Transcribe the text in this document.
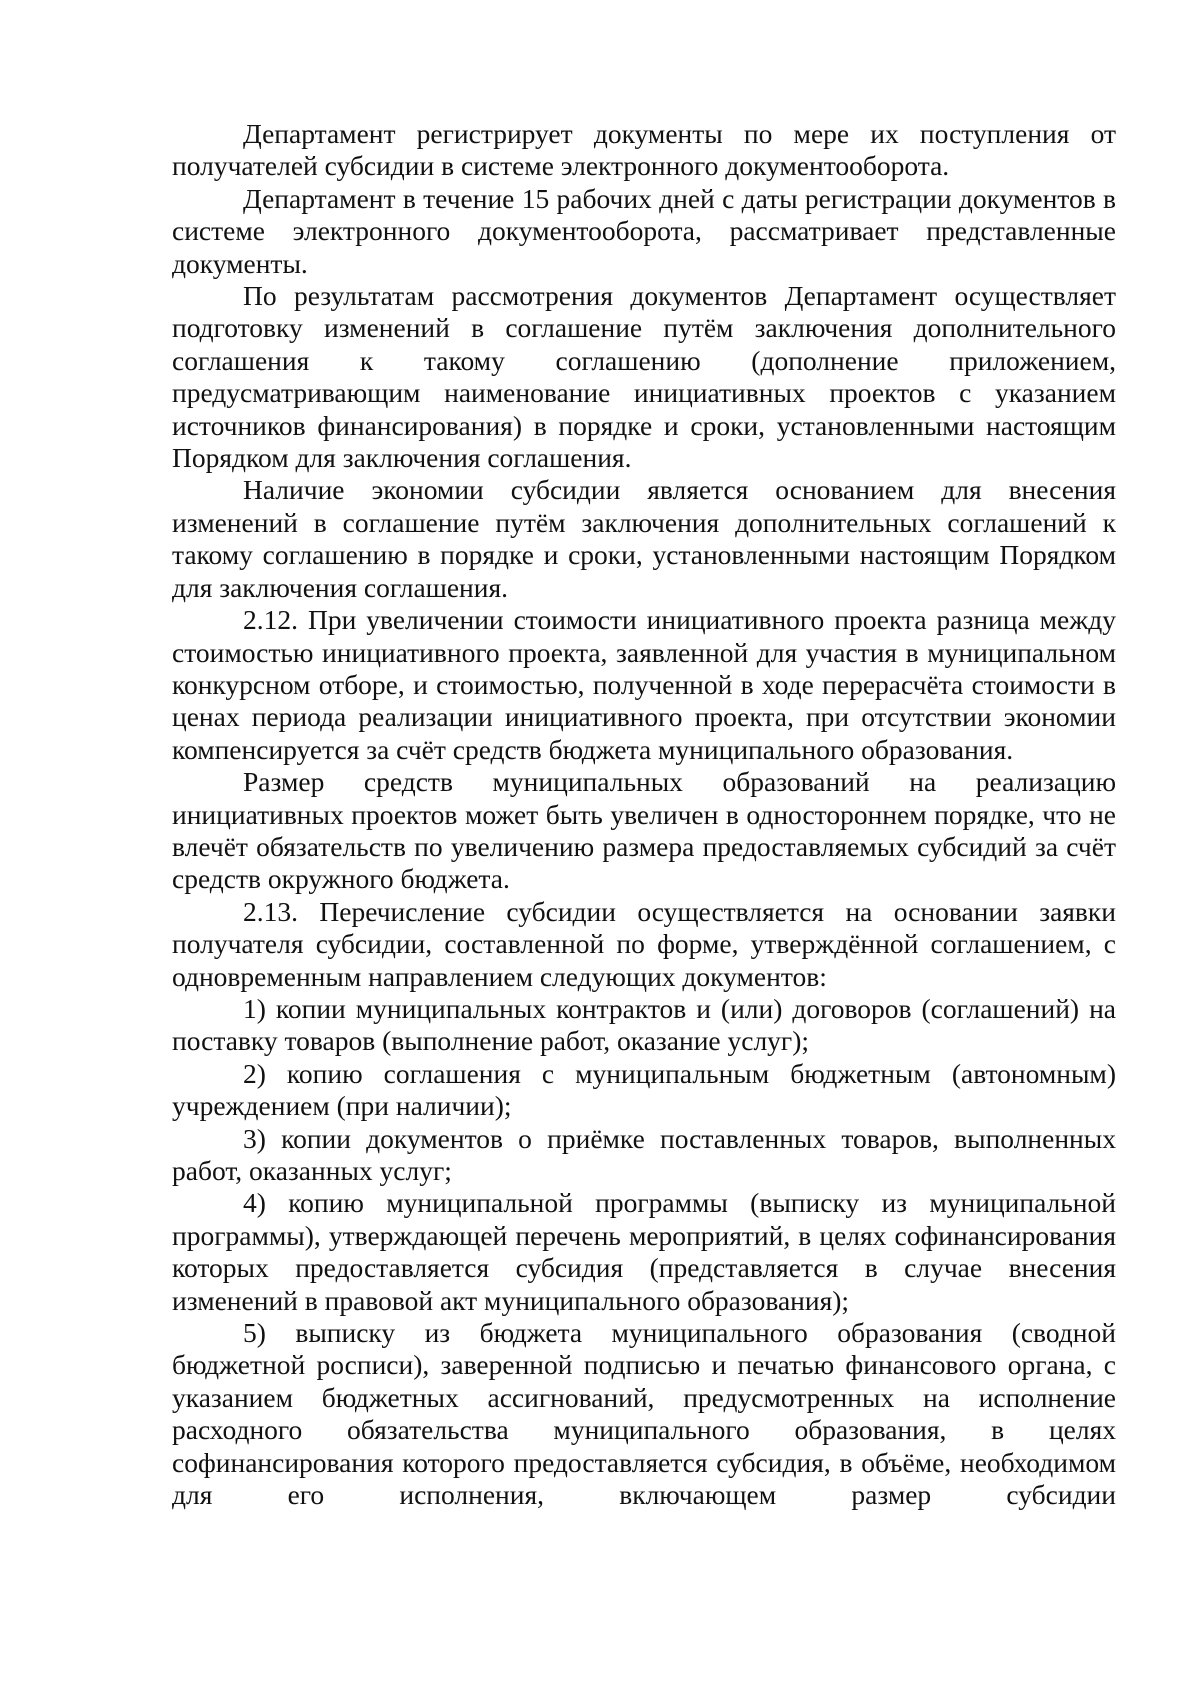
Департамент регистрирует документы по мере их поступления от получателей субсидии в системе электронного документооборота.

Департамент в течение 15 рабочих дней с даты регистрации документов в системе электронного документооборота, рассматривает представленные документы.

По результатам рассмотрения документов Департамент осуществляет подготовку изменений в соглашение путём заключения дополнительного соглашения к такому соглашению (дополнение приложением, предусматривающим наименование инициативных проектов с указанием источников финансирования) в порядке и сроки, установленными настоящим Порядком для заключения соглашения.

Наличие экономии субсидии является основанием для внесения изменений в соглашение путём заключения дополнительных соглашений к такому соглашению в порядке и сроки, установленными настоящим Порядком для заключения соглашения.

2.12. При увеличении стоимости инициативного проекта разница между стоимостью инициативного проекта, заявленной для участия в муниципальном конкурсном отборе, и стоимостью, полученной в ходе перерасчёта стоимости в ценах периода реализации инициативного проекта, при отсутствии экономии компенсируется за счёт средств бюджета муниципального образования.

Размер средств муниципальных образований на реализацию инициативных проектов может быть увеличен в одностороннем порядке, что не влечёт обязательств по увеличению размера предоставляемых субсидий за счёт средств окружного бюджета.

2.13. Перечисление субсидии осуществляется на основании заявки получателя субсидии, составленной по форме, утверждённой соглашением, с одновременным направлением следующих документов:

1) копии муниципальных контрактов и (или) договоров (соглашений) на поставку товаров (выполнение работ, оказание услуг);

2) копию соглашения с муниципальным бюджетным (автономным) учреждением (при наличии);

3) копии документов о приёмке поставленных товаров, выполненных работ, оказанных услуг;

4) копию муниципальной программы (выписку из муниципальной программы), утверждающей перечень мероприятий, в целях софинансирования которых предоставляется субсидия (представляется в случае внесения изменений в правовой акт муниципального образования);

5) выписку из бюджета муниципального образования (сводной бюджетной росписи), заверенной подписью и печатью финансового органа, с указанием бюджетных ассигнований, предусмотренных на исполнение расходного обязательства муниципального образования, в целях софинансирования которого предоставляется субсидия, в объёме, необходимом для его исполнения, включающем размер субсидии
